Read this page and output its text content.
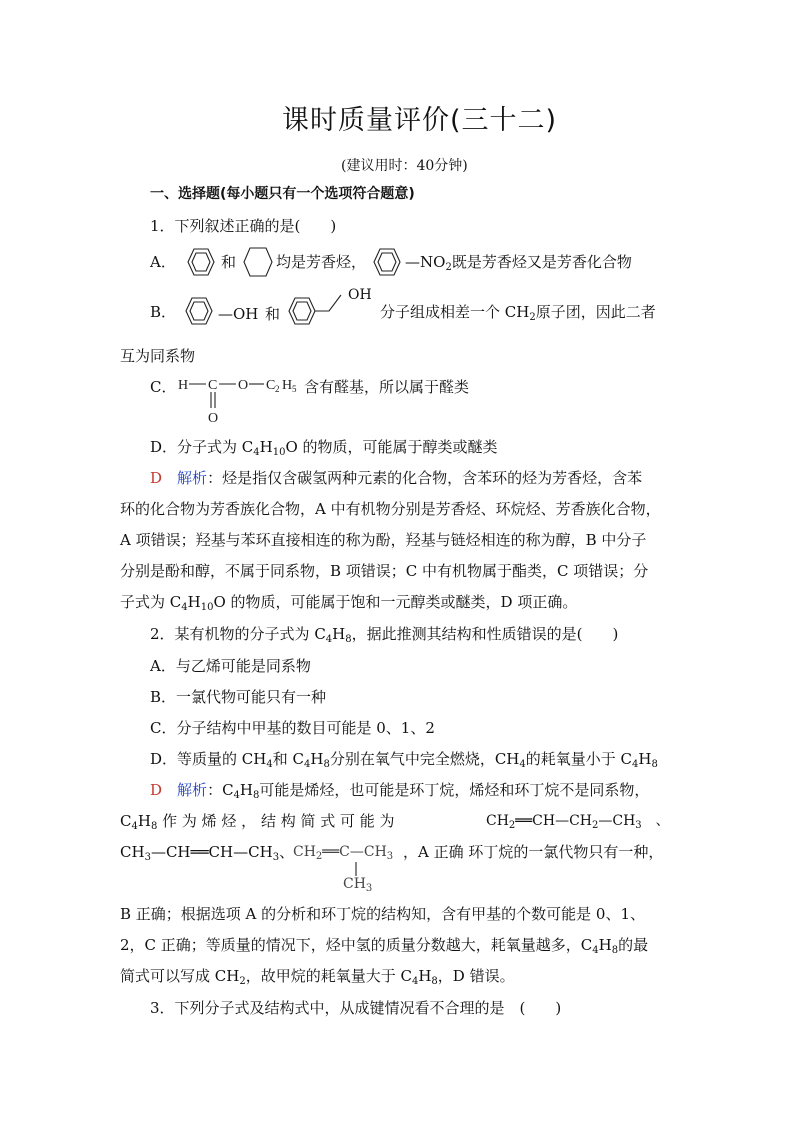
课时质量评价(三十二)
(建议用时：40分钟)
一、选择题(每小题只有一个选项符合题意)
1．下列叙述正确的是(　　)
A．	和	均是芳香烃，	$—NO_2$既是芳香烃又是芳香化合物
B．	—OH 和
OH
分子组成相差一个 $CH_2$原子团，因此二者
互为同系物
C． H C O C 2 H 5
O
含有醛基，所以属于醛类
D．分子式为 $C_4H_{10}O$ 的物质，可能属于醇类或醚类
D　 解析：烃是指仅含碳氢两种元素的化合物，含苯环的烃为芳香烃，含苯
环的化合物为芳香族化合物，A 中有机物分别是芳香烃、环烷烃、芳香族化合物，
A 项错误；羟基与苯环直接相连的称为酚，羟基与链烃相连的称为醇，B 中分子
分别是酚和醇，不属于同系物，B 项错误；C 中有机物属于酯类，C 项错误；分
子式为 $C_4H_{10}O$ 的物质，可能属于饱和一元醇类或醚类，D 项正确。
2．某有机物的分子式为 $C_4H_8$，据此推测其结构和性质错误的是(　　)
A．与乙烯可能是同系物
B．一氯代物可能只有一种
C．分子结构中甲基的数目可能是 0、1、2
D．等质量的 $CH_4$和 $C_4H_8$分别在氧气中完全燃烧，$CH_4$的耗氧量小于 $C_4H_8$
D　 解析：$C_4H_8$可能是烯烃，也可能是环丁烷，烯烃和环丁烷不是同系物，
$C_4H_8$ 作 为 烯 烃 ， 结 构 简 式 可 能 为	$CH_2══CH—CH_2—CH_3$　 、
$CH_3—CH══CH—CH_3$、
$CH_2══C—CH_3$
$CH_3$
，A 正确 环丁烷的一氯代物只有一种，
B 正确；根据选项 A 的分析和环丁烷的结构知，含有甲基的个数可能是 0、1、
2，C 正确；等质量的情况下，烃中氢的质量分数越大，耗氧量越多，$C_4H_8$的最
简式可以写成 $CH_2$，故甲烷的耗氧量大于 $C_4H_8$，D 错误。
3．下列分子式及结构式中，从成键情况看不合理的是　(　　)
